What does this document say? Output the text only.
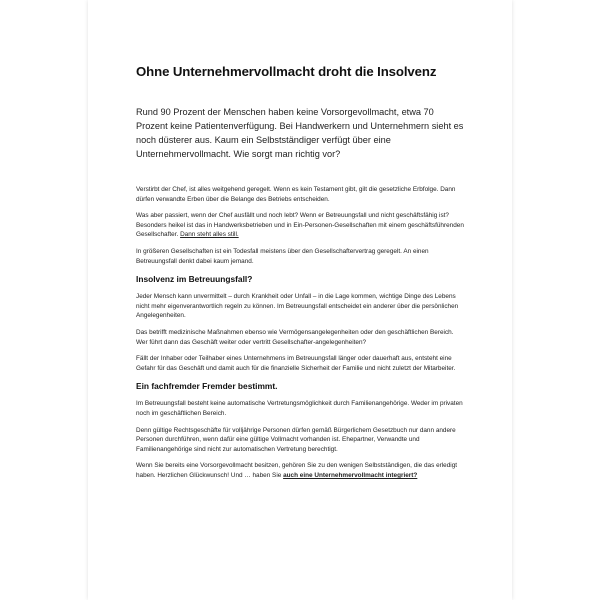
Ohne Unternehmervollmacht droht die Insolvenz

Rund 90 Prozent der Menschen haben keine Vorsorgevollmacht, etwa 70 Prozent keine Patientenverfügung. Bei Handwerkern und Unternehmern sieht es noch düsterer aus. Kaum ein Selbstständiger verfügt über eine Unternehmervollmacht. Wie sorgt man richtig vor?

Verstirbt der Chef, ist alles weitgehend geregelt. Wenn es kein Testament gibt, gilt die gesetzliche Erbfolge. Dann dürfen verwandte Erben über die Belange des Betriebs entscheiden.

Was aber passiert, wenn der Chef ausfällt und noch lebt? Wenn er Betreuungsfall und nicht geschäftsfähig ist? Besonders heikel ist das in Handwerksbetrieben und in Ein-Personen-Gesellschaften mit einem geschäftsführenden Gesellschafter. Dann steht alles still.

In größeren Gesellschaften ist ein Todesfall meistens über den Gesellschaftervertrag geregelt. An einen Betreuungsfall denkt dabei kaum jemand.

Insolvenz im Betreuungsfall?

Jeder Mensch kann unvermittelt – durch Krankheit oder Unfall – in die Lage kommen, wichtige Dinge des Lebens nicht mehr eigenverantwortlich regeln zu können. Im Betreuungsfall entscheidet ein anderer über die persönlichen Angelegenheiten.

Das betrifft medizinische Maßnahmen ebenso wie Vermögensangelegenheiten oder den geschäftlichen Bereich. Wer führt dann das Geschäft weiter oder vertritt Gesellschafter-angelegenheiten?

Fällt der Inhaber oder Teilhaber eines Unternehmens im Betreuungsfall länger oder dauerhaft aus, entsteht eine Gefahr für das Geschäft und damit auch für die finanzielle Sicherheit der Familie und nicht zuletzt der Mitarbeiter.

Ein fachfremder Fremder bestimmt.

Im Betreuungsfall besteht keine automatische Vertretungsmöglichkeit durch Familienangehörige. Weder im privaten noch im geschäftlichen Bereich.

Denn gültige Rechtsgeschäfte für volljährige Personen dürfen gemäß Bürgerlichem Gesetzbuch nur dann andere Personen durchführen, wenn dafür eine gültige Vollmacht vorhanden ist. Ehepartner, Verwandte und Familienangehörige sind nicht zur automatischen Vertretung berechtigt.

Wenn Sie bereits eine Vorsorgevollmacht besitzen, gehören Sie zu den wenigen Selbstständigen, die das erledigt haben. Herzlichen Glückwunsch! Und … haben Sie auch eine Unternehmervollmacht integriert?
